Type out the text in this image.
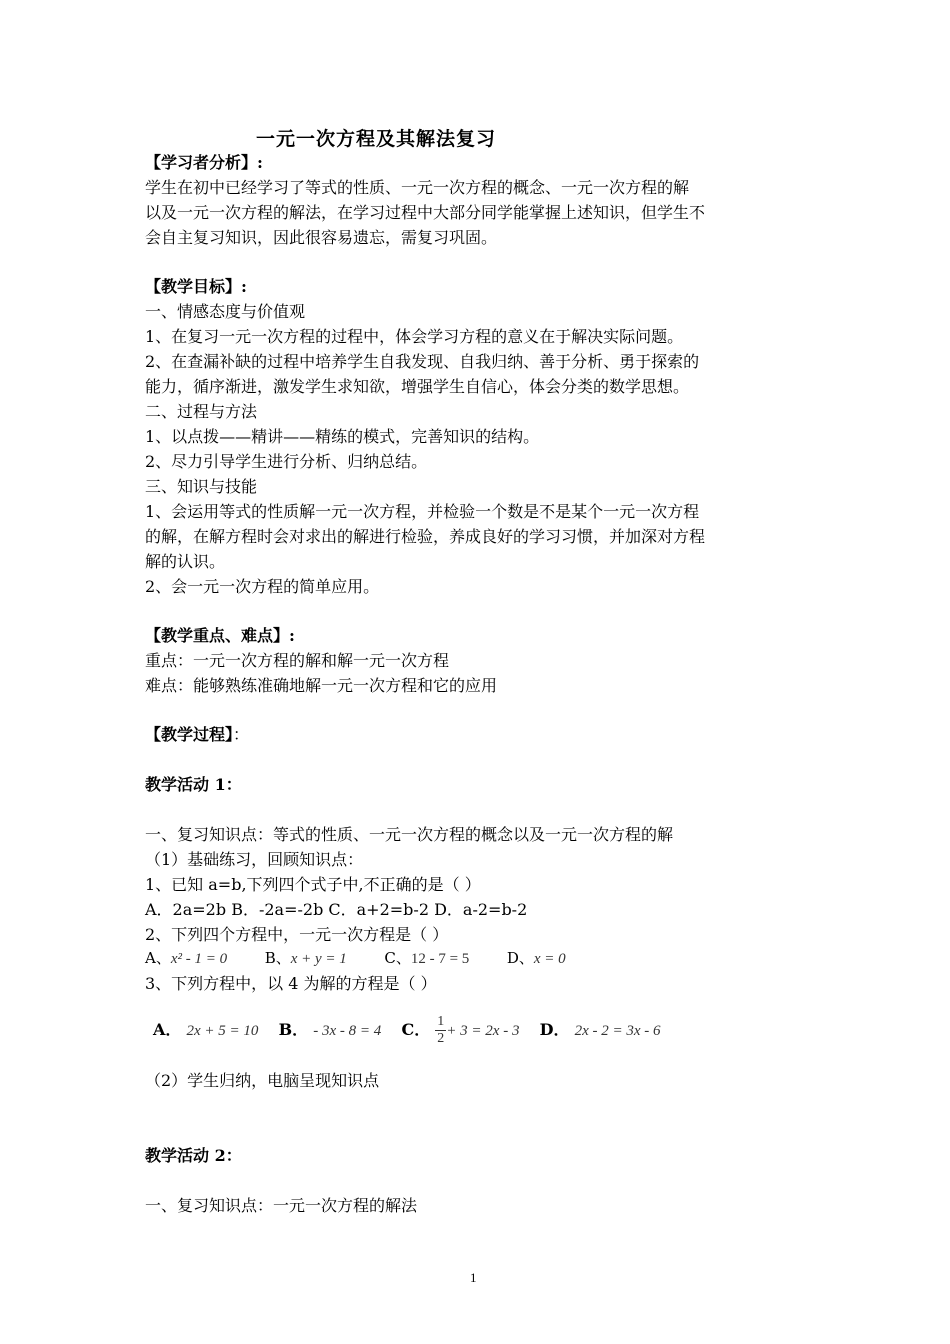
一元一次方程及其解法复习
【学习者分析】:
学生在初中已经学习了等式的性质、一元一次方程的概念、一元一次方程的解
以及一元一次方程的解法，在学习过程中大部分同学能掌握上述知识，但学生不
会自主复习知识，因此很容易遗忘，需复习巩固。
【教学目标】:
一、情感态度与价值观
1、在复习一元一次方程的过程中，体会学习方程的意义在于解决实际问题。
2、在查漏补缺的过程中培养学生自我发现、自我归纳、善于分析、勇于探索的
能力，循序渐进，激发学生求知欲，增强学生自信心，体会分类的数学思想。
二、过程与方法
1、以点拨——精讲——精练的模式，完善知识的结构。
2、尽力引导学生进行分析、归纳总结。
三、知识与技能
1、会运用等式的性质解一元一次方程，并检验一个数是不是某个一元一次方程
的解，在解方程时会对求出的解进行检验，养成良好的学习习惯，并加深对方程
解的认识。
2、会一元一次方程的简单应用。
【教学重点、难点】:
重点：一元一次方程的解和解一元一次方程
难点：能够熟练准确地解一元一次方程和它的应用
【教学过程】：
教学活动 1：
一、复习知识点：等式的性质、一元一次方程的概念以及一元一次方程的解
（1）基础练习，回顾知识点：
1、已知 a=b,下列四个式子中,不正确的是（ ）
A．2a=2b B．-2a=-2b C．a+2=b-2 D．a-2=b-2
2、下列四个方程中，一元一次方程是（ ）
A、x² - 1 = 0	B、x + y = 1	C、12 - 7 = 5	D、x = 0
3、下列方程中，以 4 为解的方程是（ ）
A． 2x + 5 = 10 B． - 3x - 8 = 4 C． $\frac{1}{2} + 3 = 2x - 3$ D． 2x - 2 = 3x - 6
（2）学生归纳，电脑呈现知识点
教学活动 2：
一、复习知识点：一元一次方程的解法
1
